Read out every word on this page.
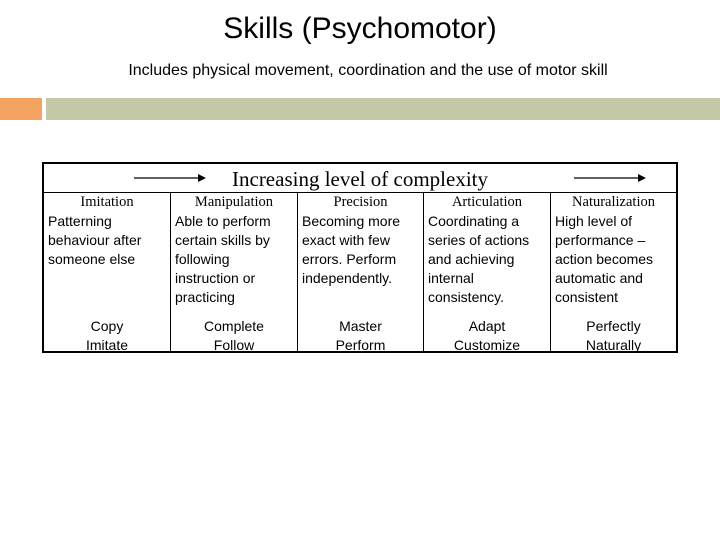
Skills (Psychomotor)
Includes physical movement, coordination and the use of motor skill
Increasing level of complexity
Imitation
Patterning behaviour after someone else
Copy
Imitate
Manipulation
Able to perform certain skills by following instruction or practicing
Complete
Follow
Precision
Becoming more exact with few errors. Perform independently.
Master
Perform
Articulation
Coordinating a series of actions and achieving internal consistency.
Adapt
Customize
Naturalization
High level of performance – action becomes automatic and consistent
Perfectly
Naturally
